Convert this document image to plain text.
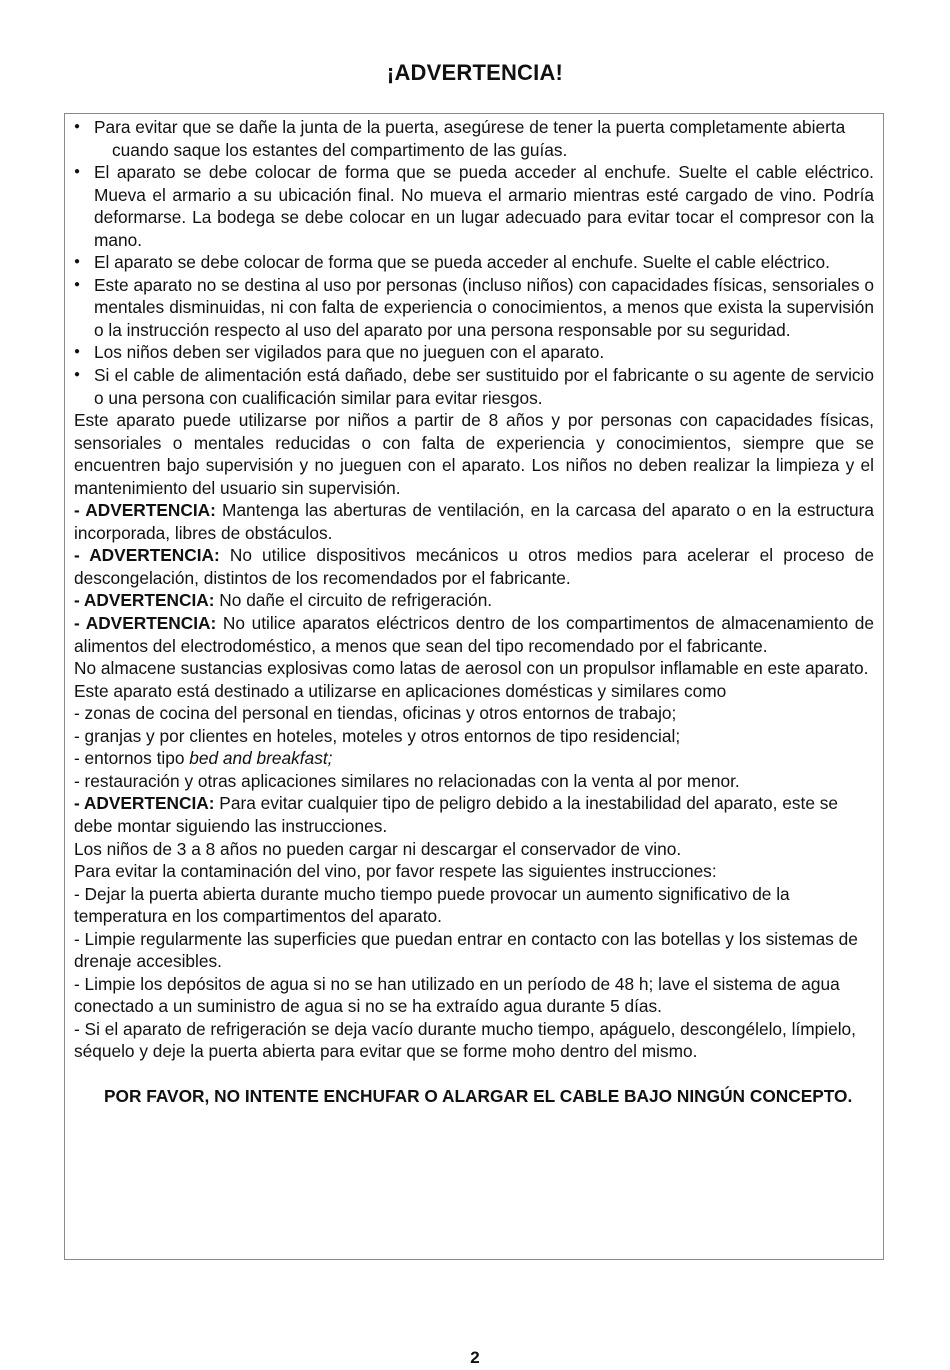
¡ADVERTENCIA!
● Para evitar que se dañe la junta de la puerta, asegúrese de tener la puerta completamente abierta
cuando saque los estantes del compartimento de las guías.
● El aparato se debe colocar de forma que se pueda acceder al enchufe. Suelte el cable eléctrico. Mueva el armario a su ubicación final. No mueva el armario mientras esté cargado de vino. Podría deformarse. La bodega se debe colocar en un lugar adecuado para evitar tocar el compresor con la mano.
● El aparato se debe colocar de forma que se pueda acceder al enchufe. Suelte el cable eléctrico.
● Este aparato no se destina al uso por personas (incluso niños) con capacidades físicas, sensoriales o mentales disminuidas, ni con falta de experiencia o conocimientos, a menos que exista la supervisión o la instrucción respecto al uso del aparato por una persona responsable por su seguridad.
● Los niños deben ser vigilados para que no jueguen con el aparato.
● Si el cable de alimentación está dañado, debe ser sustituido por el fabricante o su agente de servicio o una persona con cualificación similar para evitar riesgos.

Este aparato puede utilizarse por niños a partir de 8 años y por personas con capacidades físicas, sensoriales o mentales reducidas o con falta de experiencia y conocimientos, siempre que se encuentren bajo supervisión y no jueguen con el aparato. Los niños no deben realizar la limpieza y el mantenimiento del usuario sin supervisión.

- ADVERTENCIA: Mantenga las aberturas de ventilación, en la carcasa del aparato o en la estructura incorporada, libres de obstáculos.

- ADVERTENCIA: No utilice dispositivos mecánicos u otros medios para acelerar el proceso de descongelación, distintos de los recomendados por el fabricante.

- ADVERTENCIA: No dañe el circuito de refrigeración.

- ADVERTENCIA: No utilice aparatos eléctricos dentro de los compartimentos de almacenamiento de alimentos del electrodoméstico, a menos que sean del tipo recomendado por el fabricante.

No almacene sustancias explosivas como latas de aerosol con un propulsor inflamable en este aparato.

Este aparato está destinado a utilizarse en aplicaciones domésticas y similares como

- zonas de cocina del personal en tiendas, oficinas y otros entornos de trabajo;

- granjas y por clientes en hoteles, moteles y otros entornos de tipo residencial;

- entornos tipo bed and breakfast;

- restauración y otras aplicaciones similares no relacionadas con la venta al por menor.

- ADVERTENCIA: Para evitar cualquier tipo de peligro debido a la inestabilidad del aparato, este se debe montar siguiendo las instrucciones.

Los niños de 3 a 8 años no pueden cargar ni descargar el conservador de vino.

Para evitar la contaminación del vino, por favor respete las siguientes instrucciones:

- Dejar la puerta abierta durante mucho tiempo puede provocar un aumento significativo de la temperatura en los compartimentos del aparato.

- Limpie regularmente las superficies que puedan entrar en contacto con las botellas y los sistemas de drenaje accesibles.

- Limpie los depósitos de agua si no se han utilizado en un período de 48 h; lave el sistema de agua conectado a un suministro de agua si no se ha extraído agua durante 5 días.

- Si el aparato de refrigeración se deja vacío durante mucho tiempo, apáguelo, descongélelo, límpielo, séquelo y deje la puerta abierta para evitar que se forme moho dentro del mismo.

POR FAVOR, NO INTENTE ENCHUFAR O ALARGAR EL CABLE BAJO NINGÚN CONCEPTO.

2
